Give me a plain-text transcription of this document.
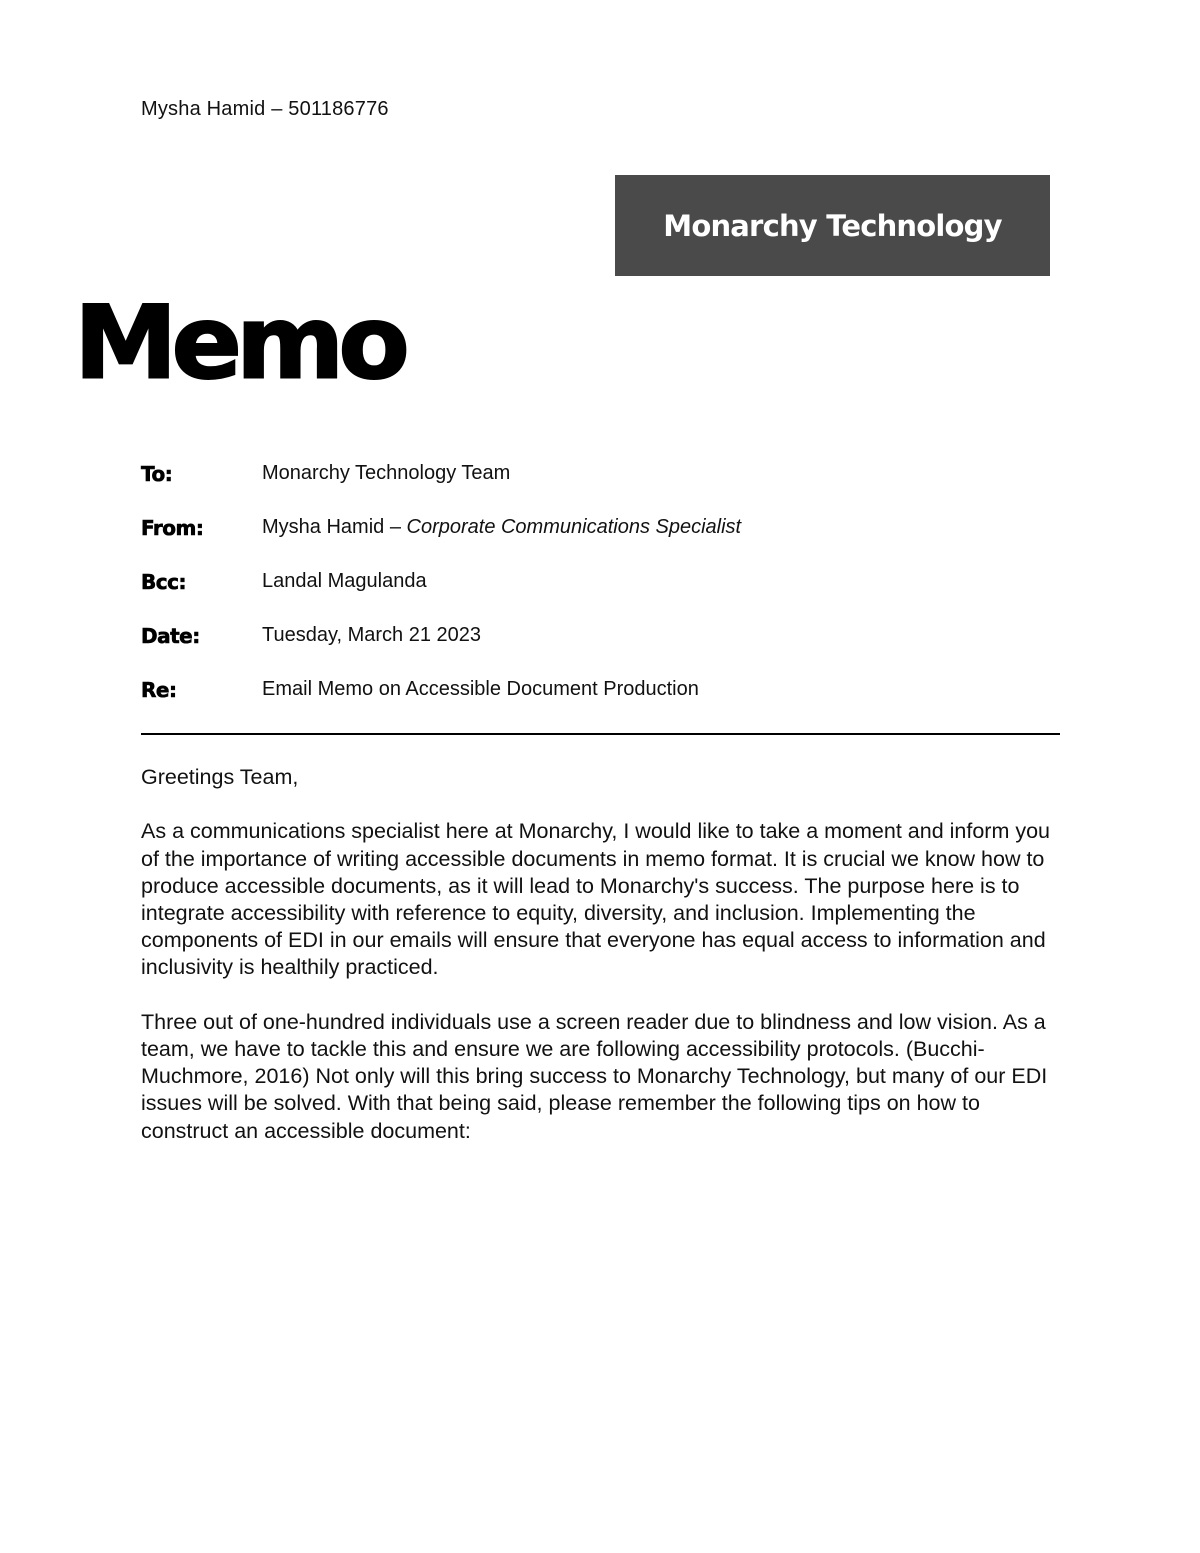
Mysha Hamid – 501186776
Monarchy Technology
Memo
To:	Monarchy Technology Team
From:	Mysha Hamid – Corporate Communications Specialist
Bcc:	Landal Magulanda
Date:	Tuesday, March 21 2023
Re:	Email Memo on Accessible Document Production

Greetings Team,

As a communications specialist here at Monarchy, I would like to take a moment and inform you of the importance of writing accessible documents in memo format. It is crucial we know how to produce accessible documents, as it will lead to Monarchy's success. The purpose here is to integrate accessibility with reference to equity, diversity, and inclusion. Implementing the components of EDI in our emails will ensure that everyone has equal access to information and inclusivity is healthily practiced.

Three out of one-hundred individuals use a screen reader due to blindness and low vision. As a team, we have to tackle this and ensure we are following accessibility protocols. (Bucchi-Muchmore, 2016) Not only will this bring success to Monarchy Technology, but many of our EDI issues will be solved. With that being said, please remember the following tips on how to construct an accessible document:
